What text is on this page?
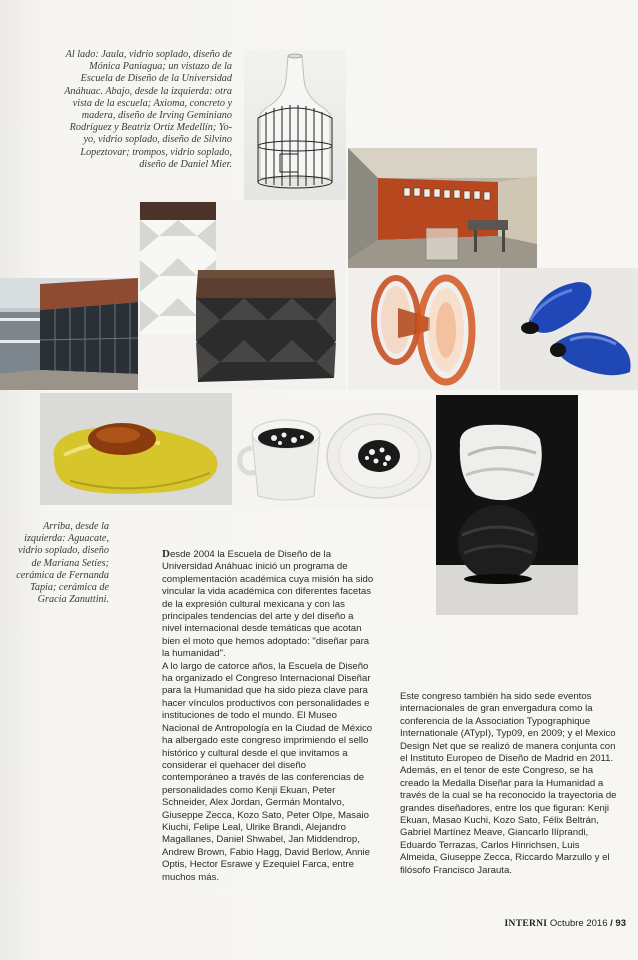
Al lado: Jaula, vidrio soplado, diseño de Mónica Paniagua; un vistazo de la Escuela de Diseño de la Universidad Anáhuac. Abajo, desde la izquierda: otra vista de la escuela; Axioma, concreto y madera, diseño de Irving Geminiano Rodríguez y Beatriz Ortiz Medellín; Yo-yo, vidrio soplado, diseño de Silvino Lopeztovar; trompos, vidrio soplado, diseño de Daniel Mier.
Arriba, desde la izquierda: Aguacate, vidrio soplado, diseño de Mariana Setíes; cerámica de Fernanda Tapia; cerámica de Gracia Zanuttini.

Desde 2004 la Escuela de Diseño de la Universidad Anáhuac inició un programa de complementación académica cuya misión ha sido vincular la vida académica con diferentes facetas de la expresión cultural mexicana y con las principales tendencias del arte y del diseño a nivel internacional desde temáticas que acotan bien el moto que hemos adoptado: "diseñar para la humanidad".

A lo largo de catorce años, la Escuela de Diseño ha organizado el Congreso Internacional Diseñar para la Humanidad que ha sido pieza clave para hacer vínculos productivos con personalidades e instituciones de todo el mundo. El Museo Nacional de Antropología en la Ciudad de México ha albergado este congreso imprimiendo el sello histórico y cultural desde el que invitamos a considerar el quehacer del diseño contemporáneo a través de las conferencias de personalidades como Kenji Ekuan, Peter Schneider, Alex Jordan, Germán Montalvo, Giuseppe Zecca, Kozo Sato, Peter Olpe, Masaio Kiuchi, Felipe Leal, Ulrike Brandi, Alejandro Magallanes, Daniel Shwabel, Jan Middendrop, Andrew Brown, Fabio Hagg, David Berlow, Annie Optis, Hector Esrawe y Ezequiel Farca, entre muchos más.

Este congreso también ha sido sede eventos internacionales de gran envergadura como la conferencia de la Association Typographique Internationale (ATypI), Typ09, en 2009; y el Mexico Design Net que se realizó de manera conjunta con el Instituto Europeo de Diseño de Madrid en 2011. Además, en el tenor de este Congreso, se ha creado la Medalla Diseñar para la Humanidad a través de la cual se ha reconocido la trayectoria de grandes diseñadores, entre los que figuran: Kenji Ekuan, Masao Kuchi, Kozo Sato, Félix Beltrán, Gabriel Martínez Meave, Giancarlo Ilíprandi, Eduardo Terrazas, Carlos Hinrichsen, Luis Almeida, Giuseppe Zecca, Riccardo Marzullo y el filósofo Francisco Jarauta.

INTERNI Octubre 2016 / 93
